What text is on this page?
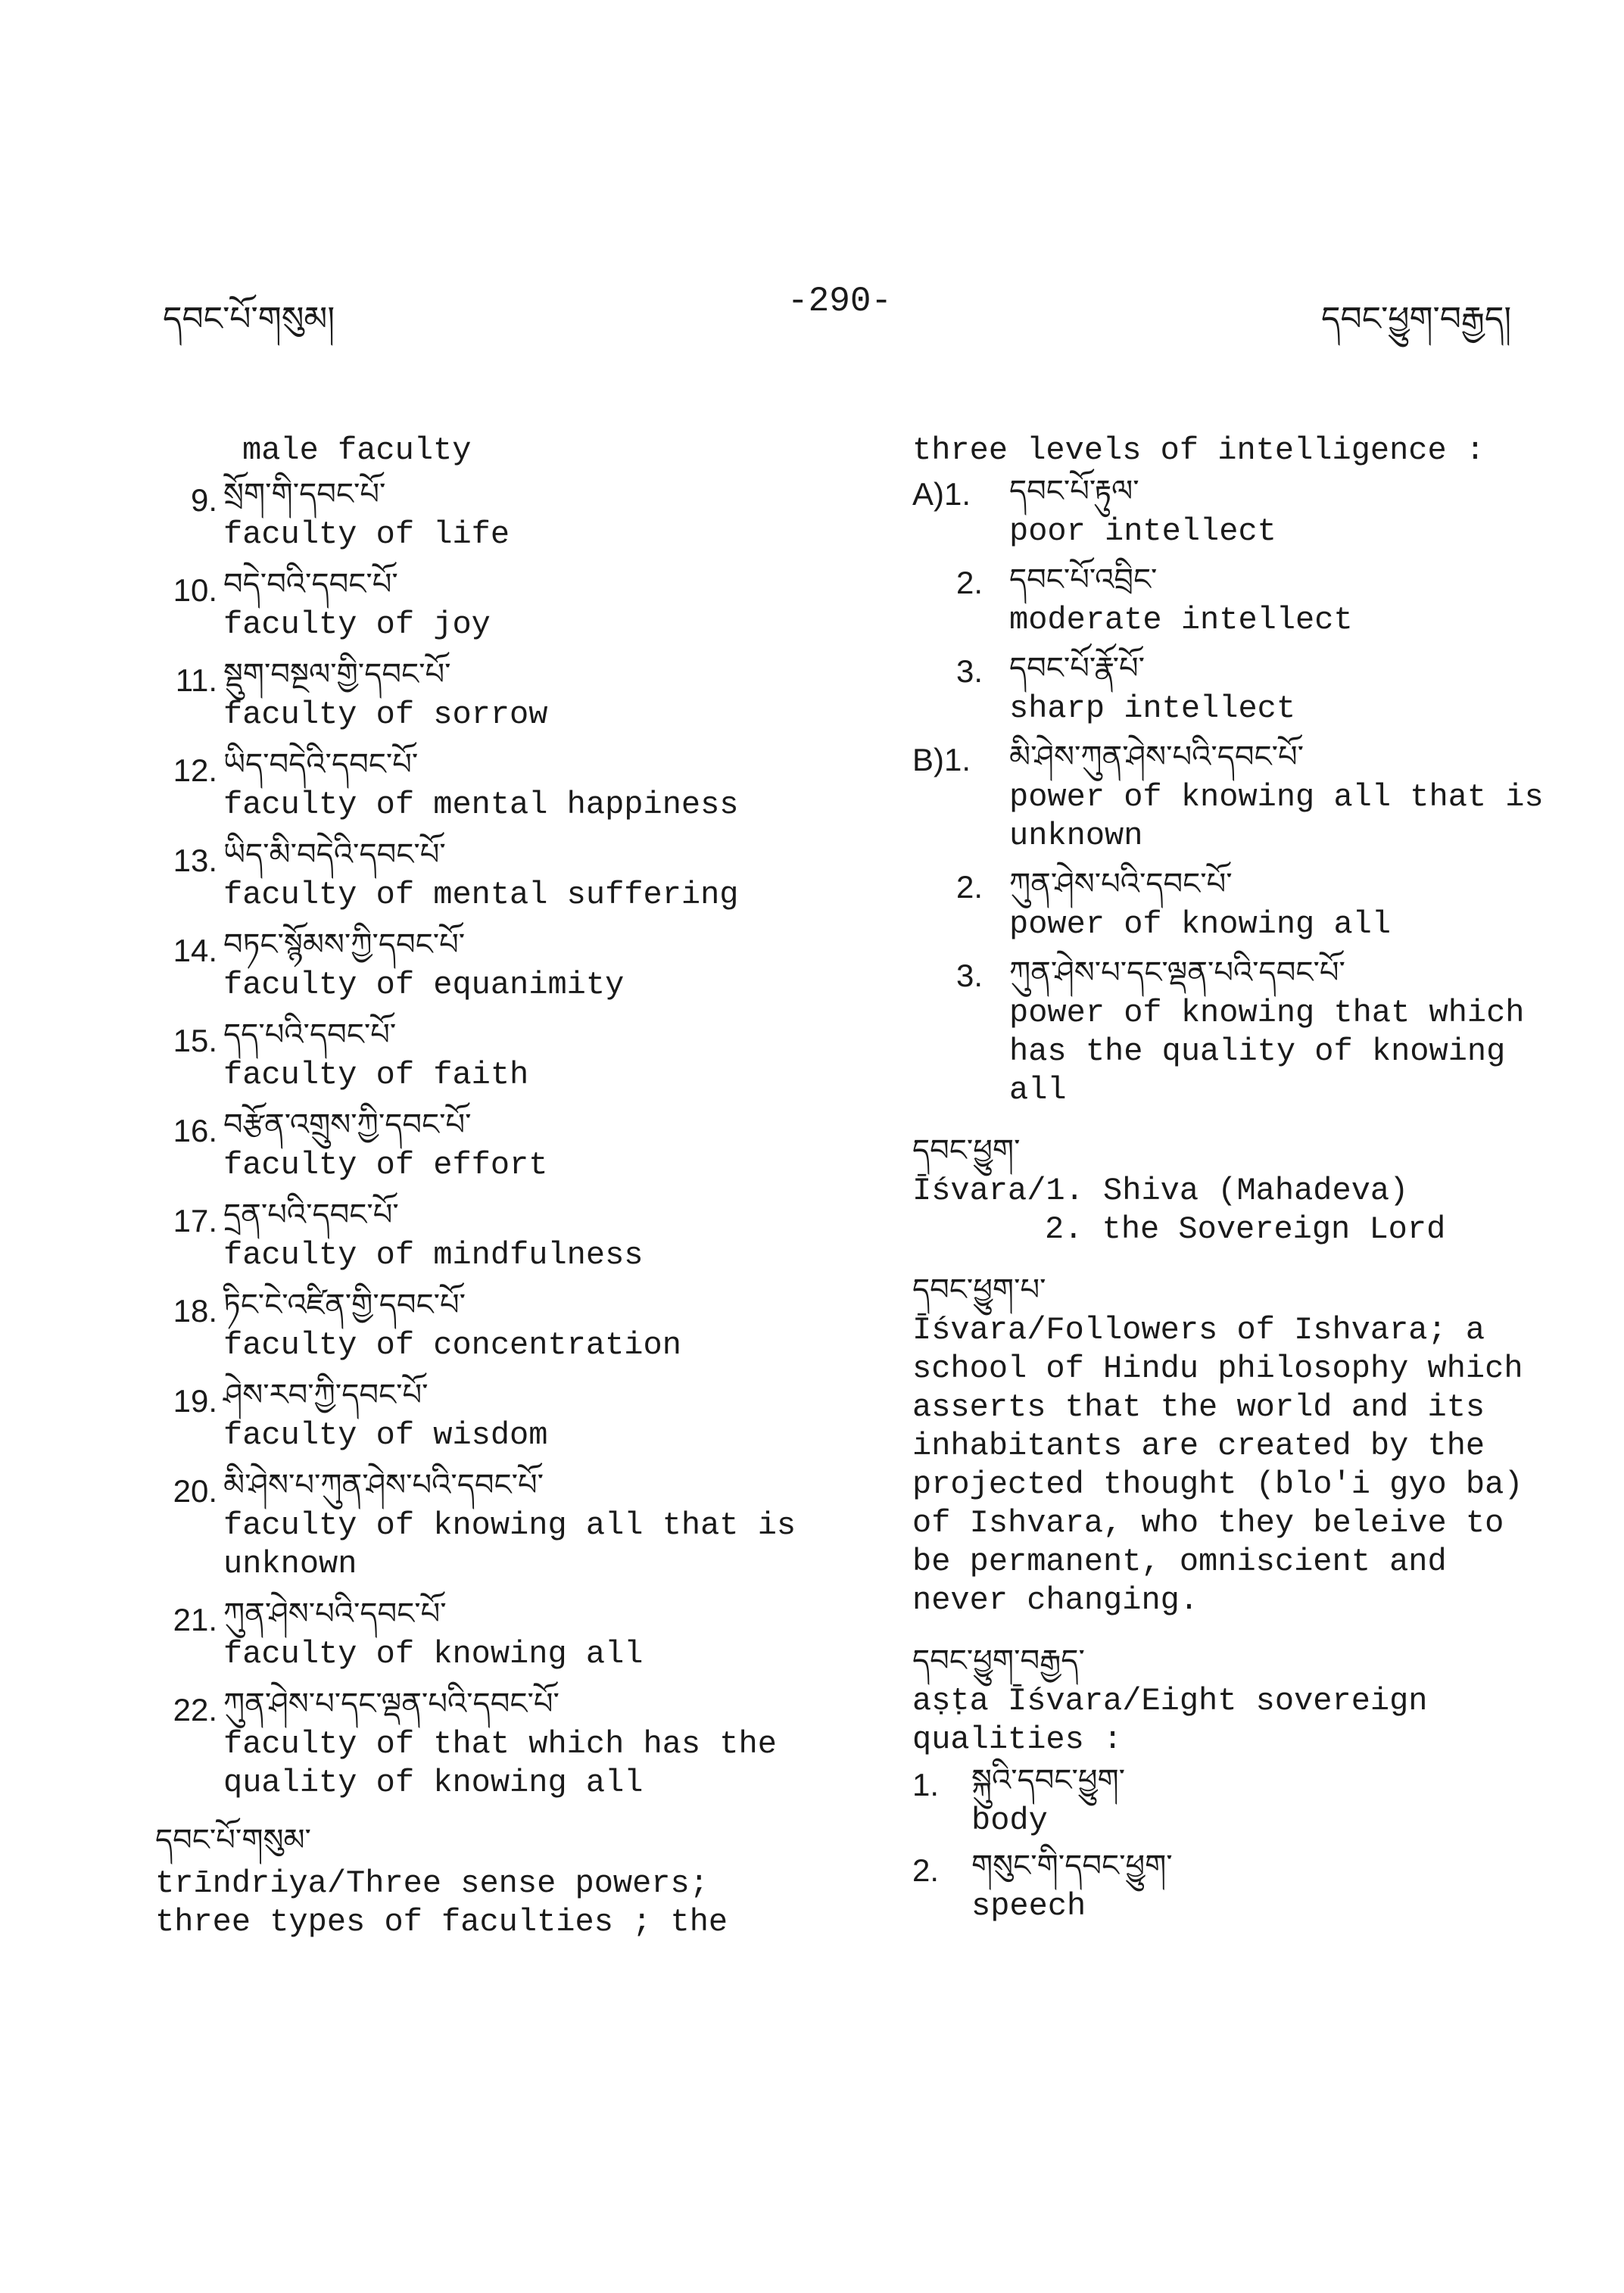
དབང་པོ་གསུམ།	-290-	དབང་ཕྱུག་བརྒྱད།
male faculty
9. སྲོག་གི་དབང་པོ་
faculty of life
10. བདེ་བའི་དབང་པོ་
faculty of joy
11. སྡུག་བསྔལ་གྱི་དབང་པོ་
faculty of sorrow
12. ཡིད་བདེའི་དབང་པོ་
faculty of mental happiness
13. ཡིད་མི་བདེའི་དབང་པོ་
faculty of mental suffering
14. བཏང་སྙོམས་ཀྱི་དབང་པོ་
faculty of equanimity
15. དད་པའི་དབང་པོ་
faculty of faith
16. བརྩོན་འགྲུས་ཀྱི་དབང་པོ་
faculty of effort
17. དྲན་པའི་དབང་པོ་
faculty of mindfulness
18. ཏིང་ངེ་འཛིན་གྱི་དབང་པོ་
faculty of concentration
19. ཤེས་རབ་ཀྱི་དབང་པོ་
faculty of wisdom
20. མི་ཤེས་པ་ཀུན་ཤེས་པའི་དབང་པོ་
faculty of knowing all that is
unknown
21. ཀུན་ཤེས་པའི་དབང་པོ་
faculty of knowing all
22. ཀུན་ཤེས་པ་དང་ལྡན་པའི་དབང་པོ་
faculty of that which has the
quality of knowing all
དབང་པོ་གསུམ་
trīndriya/Three sense powers;
three types of faculties ; the
three levels of intelligence :
A)1. དབང་པོ་རྟུལ་
poor intellect
2. དབང་པོ་འབྲིང་
moderate intellect
3. དབང་པོ་རྣོ་པོ་
sharp intellect
B)1. མི་ཤེས་ཀུན་ཤེས་པའི་དབང་པོ་
power of knowing all that is
unknown
2. ཀུན་ཤེས་པའི་དབང་པོ་
power of knowing all
3. ཀུན་ཤེས་པ་དང་ལྡན་པའི་དབང་པོ་
power of knowing that which
has the quality of knowing
all
དབང་ཕྱུག་
Īśvara/1. Shiva (Mahadeva)
2. the Sovereign Lord
དབང་ཕྱུག་པ་
Īśvara/Followers of Ishvara; a
school of Hindu philosophy which
asserts that the world and its
inhabitants are created by the
projected thought (blo'i gyo ba)
of Ishvara, who they beleive to
be permanent, omniscient and
never changing.
དབང་ཕྱུག་བརྒྱད་
aṣṭa Īśvara/Eight sovereign
qualities :
1. སྐུའི་དབང་ཕྱུག་
body
2. གསུང་གི་དབང་ཕྱུག་
speech
